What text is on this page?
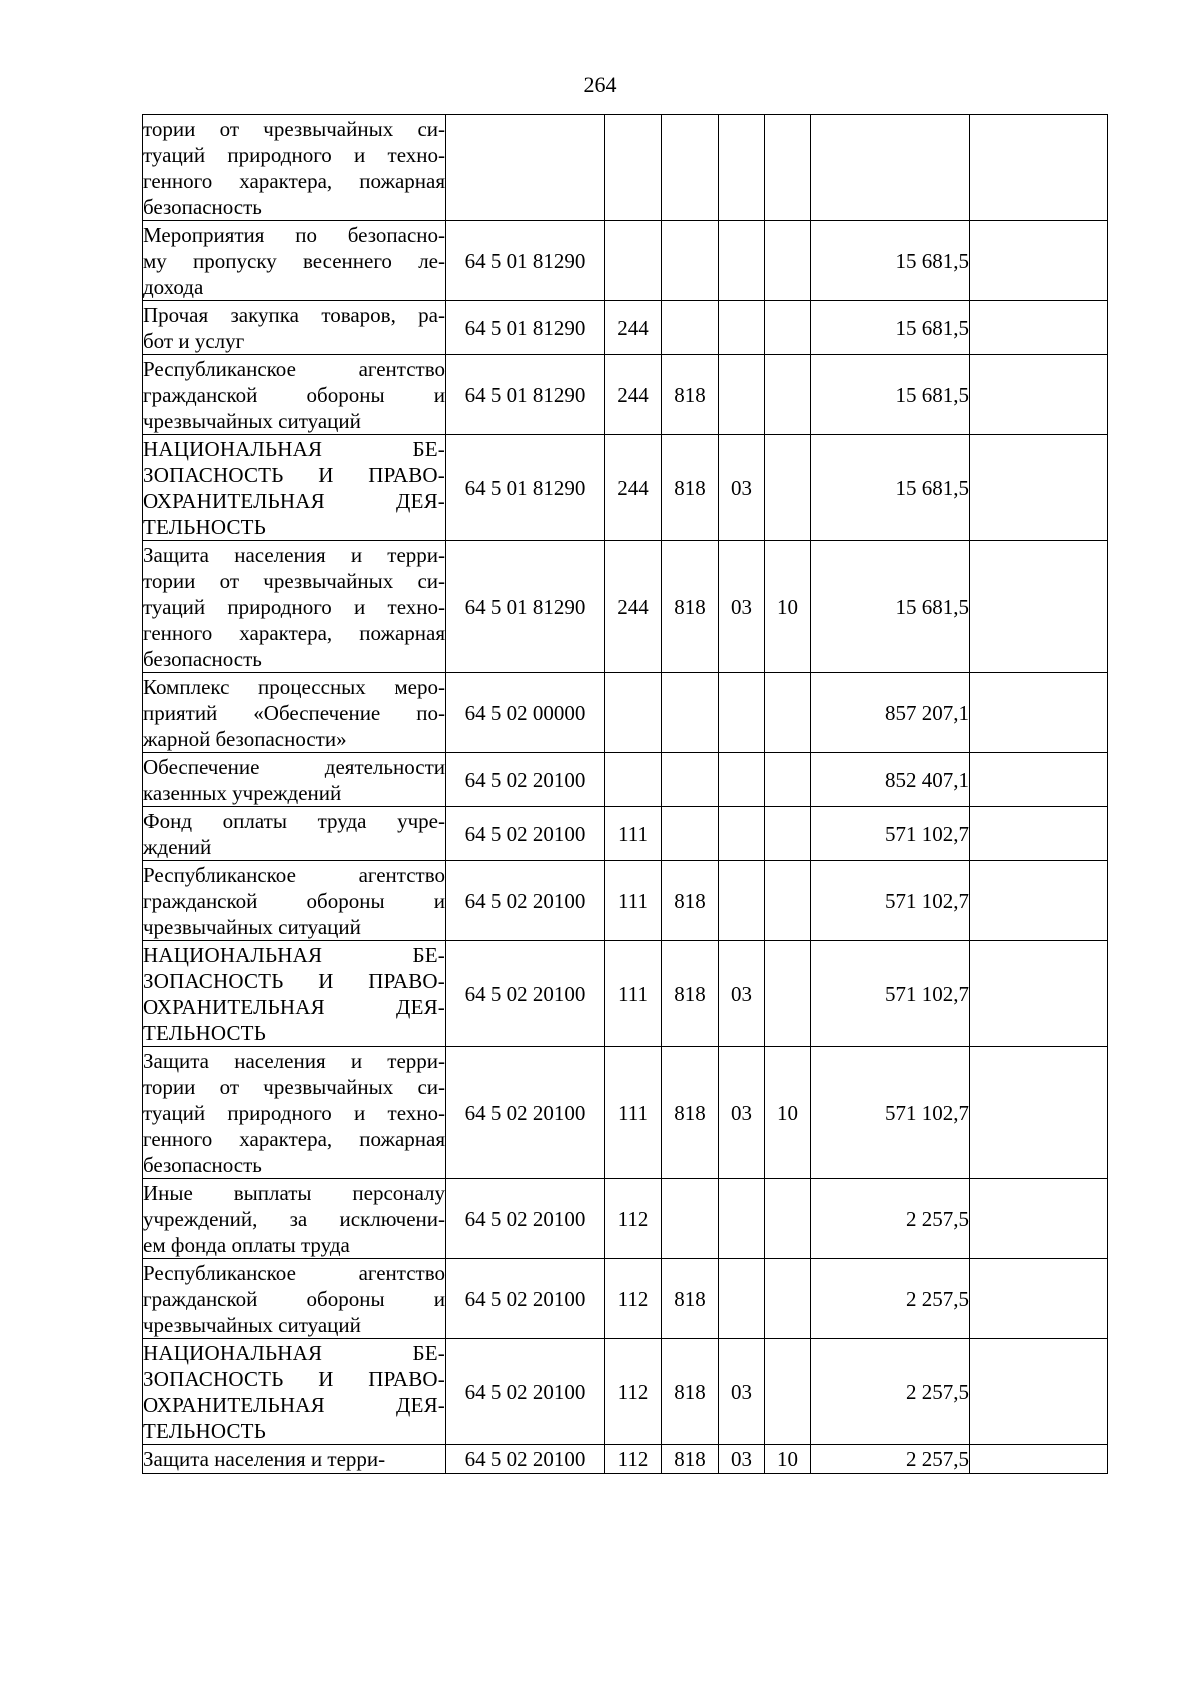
264
тории от чрезвычайных си-
туаций природного и техно-
генного характера, пожарная
безопасность							

Мероприятия по безопасно-
му пропуску весеннего ле-
дохода	64 5 01 81290					15 681,5	

Прочая закупка товаров, ра-
бот и услуг	64 5 01 81290	244				15 681,5	

Республиканское агентство
гражданской обороны и
чрезвычайных ситуаций	64 5 01 81290	244	818			15 681,5	

НАЦИОНАЛЬНАЯ БЕ-
ЗОПАСНОСТЬ И ПРАВО-
ОХРАНИТЕЛЬНАЯ ДЕЯ-
ТЕЛЬНОСТЬ	64 5 01 81290	244	818	03		15 681,5	

Защита населения и терри-
тории от чрезвычайных си-
туаций природного и техно-
генного характера, пожарная
безопасность	64 5 01 81290	244	818	03	10	15 681,5	

Комплекс процессных меро-
приятий «Обеспечение по-
жарной безопасности»	64 5 02 00000					857 207,1	

Обеспечение деятельности
казенных учреждений	64 5 02 20100					852 407,1	

Фонд оплаты труда учре-
ждений	64 5 02 20100	111				571 102,7	

Республиканское агентство
гражданской обороны и
чрезвычайных ситуаций	64 5 02 20100	111	818			571 102,7	

НАЦИОНАЛЬНАЯ БЕ-
ЗОПАСНОСТЬ И ПРАВО-
ОХРАНИТЕЛЬНАЯ ДЕЯ-
ТЕЛЬНОСТЬ	64 5 02 20100	111	818	03		571 102,7	

Защита населения и терри-
тории от чрезвычайных си-
туаций природного и техно-
генного характера, пожарная
безопасность	64 5 02 20100	111	818	03	10	571 102,7	

Иные выплаты персоналу
учреждений, за исключени-
ем фонда оплаты труда	64 5 02 20100	112				2 257,5	

Республиканское агентство
гражданской обороны и
чрезвычайных ситуаций	64 5 02 20100	112	818			2 257,5	

НАЦИОНАЛЬНАЯ БЕ-
ЗОПАСНОСТЬ И ПРАВО-
ОХРАНИТЕЛЬНАЯ ДЕЯ-
ТЕЛЬНОСТЬ	64 5 02 20100	112	818	03		2 257,5	

Защита населения и терри-	64 5 02 20100	112	818	03	10	2 257,5	
